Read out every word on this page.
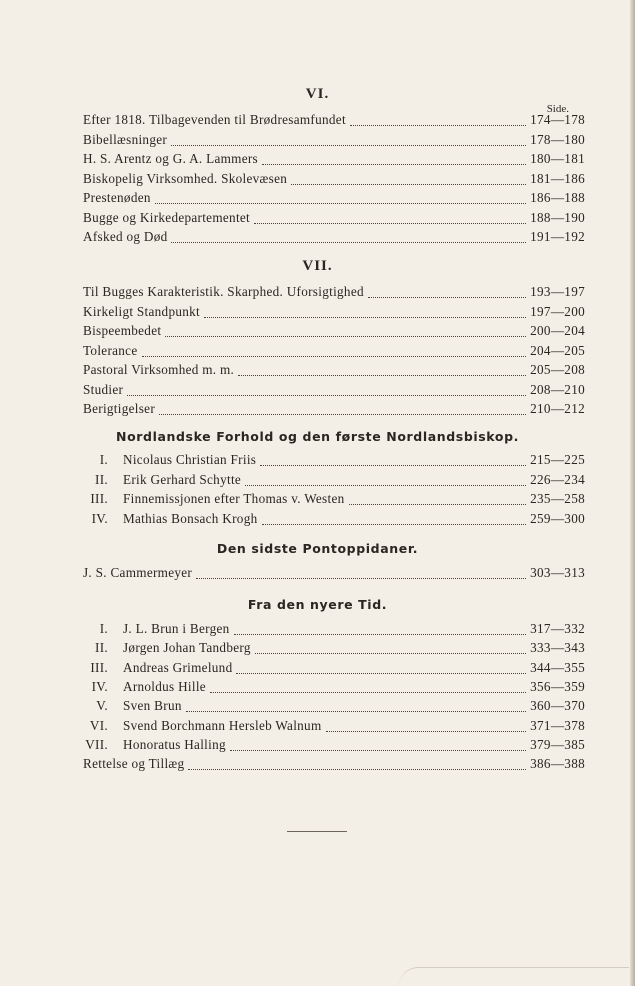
VI.
Side.
Efter 1818. Tilbagevenden til Brødresamfundet	174—178
Bibellæsninger	178—180
H. S. Arentz og G. A. Lammers	180—181
Biskopelig Virksomhed. Skolevæsen	181—186
Prestenøden	186—188
Bugge og Kirkedepartementet	188—190
Afsked og Død	191—192
VII.
Til Bugges Karakteristik. Skarphed. Uforsigtighed	193—197
Kirkeligt Standpunkt	197—200
Bispeembedet	200—204
Tolerance	204—205
Pastoral Virksomhed m. m.	205—208
Studier	208—210
Berigtigelser	210—212
Nordlandske Forhold og den første Nordlandsbiskop.
I. Nicolaus Christian Friis	215—225
II. Erik Gerhard Schytte	226—234
III. Finnemissjonen efter Thomas v. Westen	235—258
IV. Mathias Bonsach Krogh	259—300
Den sidste Pontoppidaner.
J. S. Cammermeyer	303—313
Fra den nyere Tid.
I. J. L. Brun i Bergen	317—332
II. Jørgen Johan Tandberg	333—343
III. Andreas Grimelund	344—355
IV. Arnoldus Hille	356—359
V. Sven Brun	360—370
VI. Svend Borchmann Hersleb Walnum	371—378
VII. Honoratus Halling	379—385
Rettelse og Tillæg	386—388
